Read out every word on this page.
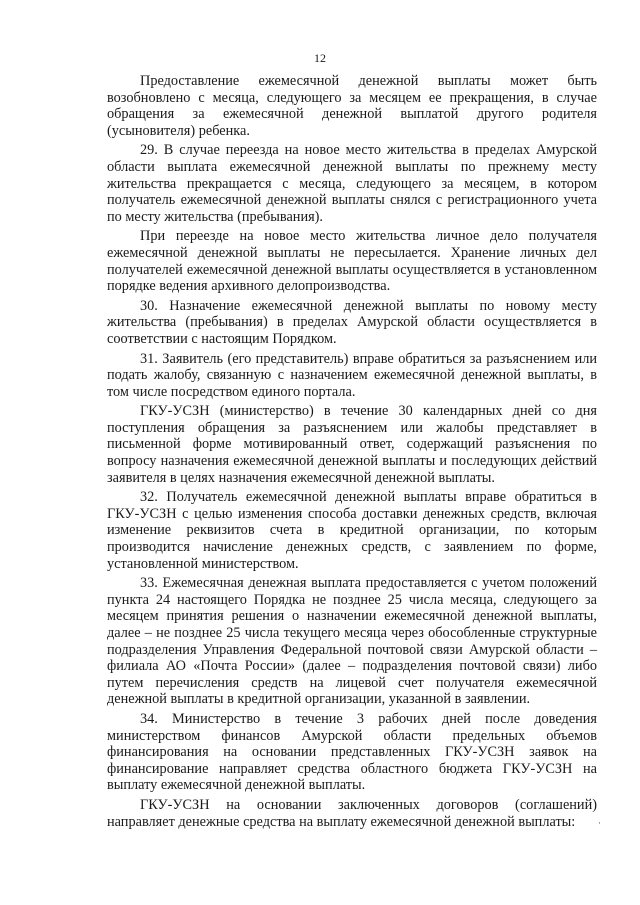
12

Предоставление ежемесячной денежной выплаты может быть возобновлено с месяца, следующего за месяцем ее прекращения, в случае обращения за ежемесячной денежной выплатой другого родителя (усыновителя) ребенка.

29. В случае переезда на новое место жительства в пределах Амурской области выплата ежемесячной денежной выплаты по прежнему месту жительства прекращается с месяца, следующего за месяцем, в котором получатель ежемесячной денежной выплаты снялся с регистрационного учета по месту жительства (пребывания).

При переезде на новое место жительства личное дело получателя ежемесячной денежной выплаты не пересылается. Хранение личных дел получателей ежемесячной денежной выплаты осуществляется в установленном порядке ведения архивного делопроизводства.

30. Назначение ежемесячной денежной выплаты по новому месту жительства (пребывания) в пределах Амурской области осуществляется в соответствии с настоящим Порядком.

31. Заявитель (его представитель) вправе обратиться за разъяснением или подать жалобу, связанную с назначением ежемесячной денежной выплаты, в том числе посредством единого портала.

ГКУ-УСЗН (министерство) в течение 30 календарных дней со дня поступления обращения за разъяснением или жалобы представляет в письменной форме мотивированный ответ, содержащий разъяснения по вопросу назначения ежемесячной денежной выплаты и последующих действий заявителя в целях назначения ежемесячной денежной выплаты.

32. Получатель ежемесячной денежной выплаты вправе обратиться в ГКУ-УСЗН с целью изменения способа доставки денежных средств, включая изменение реквизитов счета в кредитной организации, по которым производится начисление денежных средств, с заявлением по форме, установленной министерством.

33. Ежемесячная денежная выплата предоставляется с учетом положений пункта 24 настоящего Порядка не позднее 25 числа месяца, следующего за месяцем принятия решения о назначении ежемесячной денежной выплаты, далее – не позднее 25 числа текущего месяца через обособленные структурные подразделения Управления Федеральной почтовой связи Амурской области – филиала АО «Почта России» (далее – подразделения почтовой связи) либо путем перечисления средств на лицевой счет получателя ежемесячной денежной выплаты в кредитной организации, указанной в заявлении.

34. Министерство в течение 3 рабочих дней после доведения министерством финансов Амурской области предельных объемов финансирования на основании представленных ГКУ-УСЗН заявок на финансирование направляет средства областного бюджета ГКУ-УСЗН на выплату ежемесячной денежной выплаты.

ГКУ-УСЗН на основании заключенных договоров (соглашений) направляет денежные средства на выплату ежемесячной денежной выплаты:	·
